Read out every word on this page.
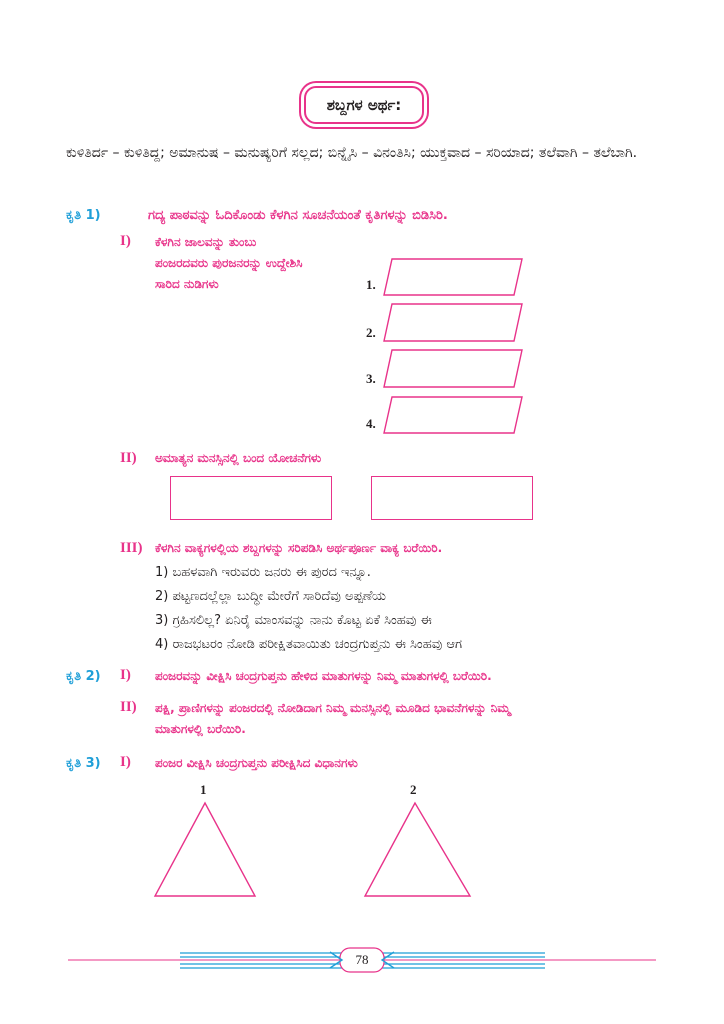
ಶಬ್ದಗಳ ಅರ್ಥ:
ಕುಳಿತಿರ್ದ – ಕುಳಿತಿದ್ದ; ಅಮಾನುಷ – ಮನುಷ್ಯರಿಗೆ ಸಲ್ಲದ; ಬಿನ್ನೈಸಿ – ವಿನಂತಿಸಿ; ಯುಕ್ತವಾದ – ಸರಿಯಾದ; ತಲೆವಾಗಿ – ತಲೆಬಾಗಿ.
ಕೃತಿ 1)	ಗದ್ಯ ಪಾಠವನ್ನು ಓದಿಕೊಂಡು ಕೆಳಗಿನ ಸೂಚನೆಯಂತೆ ಕೃತಿಗಳನ್ನು ಬಿಡಿಸಿರಿ.
I) ಕೆಳಗಿನ ಜಾಲವನ್ನು ತುಂಬು
ಪಂಜರದವರು ಪುರಜನರನ್ನು ಉದ್ದೇಶಿಸಿ
ಸಾರಿದ ನುಡಿಗಳು	1.
2.
3.
4.
II) ಅಮಾತ್ಯನ ಮನಸ್ಸಿನಲ್ಲಿ ಬಂದ ಯೋಚನೆಗಳು
III) ಕೆಳಗಿನ ವಾಕ್ಯಗಳಲ್ಲಿಯ ಶಬ್ದಗಳನ್ನು ಸರಿಪಡಿಸಿ ಅರ್ಥಪೂರ್ಣ ವಾಕ್ಯ ಬರೆಯಿರಿ.
1) ಬಹಳವಾಗಿ ಇರುವರು ಜನರು ಈ ಪುರದ ಇನ್ನೂ.
2) ಪಟ್ಟಣದಲ್ಲೆಲ್ಲಾ ಬುದ್ಧೀ ಮೇರೆಗೆ ಸಾರಿದೆವು ಅಪ್ಪಣೆಯ
3) ಗ್ರಹಿಸಲಿಲ್ಲ? ಏನಿರೈ ಮಾಂಸವನ್ನು ನಾನು ಕೊಟ್ಟ ಏಕೆ ಸಿಂಹವು ಈ
4) ರಾಜಭಟರಂ ನೋಡಿ ಪರೀಕ್ಷಿತವಾಯಿತು ಚಂದ್ರಗುಪ್ತನು ಈ ಸಿಂಹವು ಆಗ
ಕೃತಿ 2) I) ಪಂಜರವನ್ನು ವೀಕ್ಷಿಸಿ ಚಂದ್ರಗುಪ್ತನು ಹೇಳಿದ ಮಾತುಗಳನ್ನು ನಿಮ್ಮ ಮಾತುಗಳಲ್ಲಿ ಬರೆಯಿರಿ.
II) ಪಕ್ಷಿ, ಪ್ರಾಣಿಗಳನ್ನು ಪಂಜರದಲ್ಲಿ ನೋಡಿದಾಗ ನಿಮ್ಮ ಮನಸ್ಸಿನಲ್ಲಿ ಮೂಡಿದ ಭಾವನೆಗಳನ್ನು ನಿಮ್ಮ
ಮಾತುಗಳಲ್ಲಿ ಬರೆಯಿರಿ.
ಕೃತಿ 3) I) ಪಂಜರ ವೀಕ್ಷಿಸಿ ಚಂದ್ರಗುಪ್ತನು ಪರೀಕ್ಷಿಸಿದ ವಿಧಾನಗಳು
1	2
78
